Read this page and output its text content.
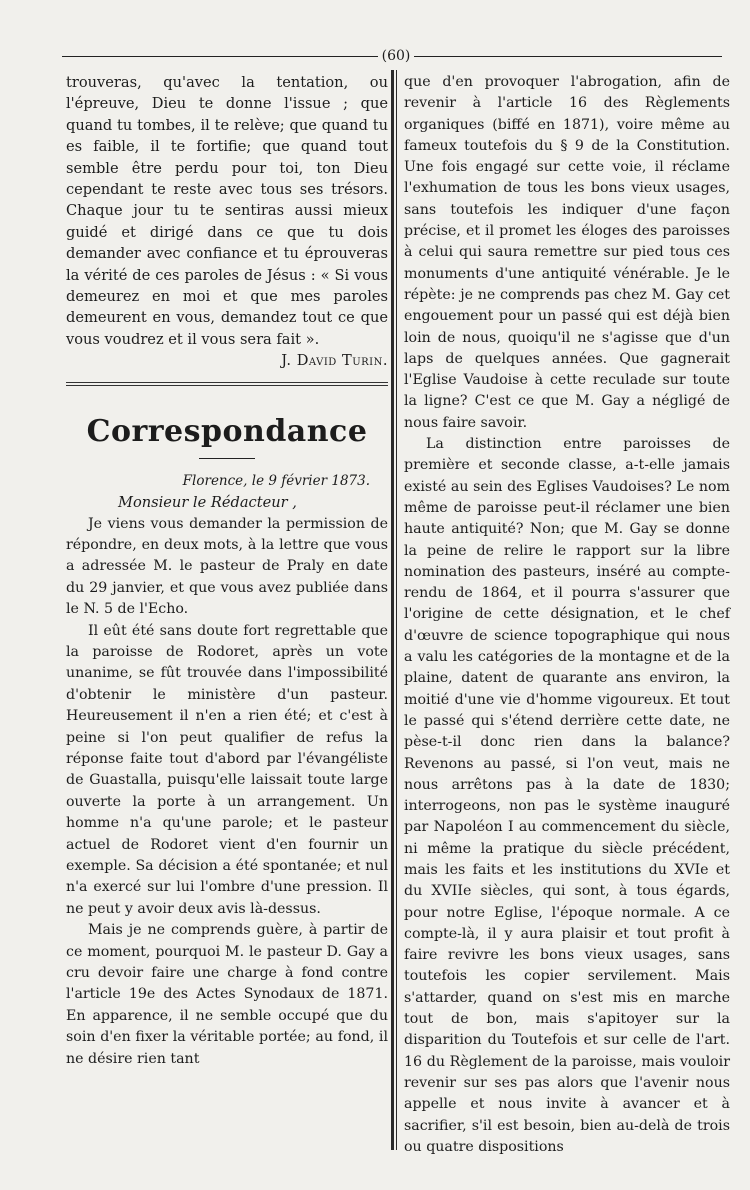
(60)

trouveras, qu'avec la tentation, ou l'épreuve, Dieu te donne l'issue ; que quand tu tombes, il te relève; que quand tu es faible, il te fortifie; que quand tout semble être perdu pour toi, ton Dieu cependant te reste avec tous ses trésors. Chaque jour tu te sentiras aussi mieux guidé et dirigé dans ce que tu dois demander avec confiance et tu éprouveras la vérité de ces paroles de Jésus : « Si vous demeurez en moi et que mes paroles demeurent en vous, demandez tout ce que vous voudrez et il vous sera fait ».

J. David Turin.

Correspondance

Florence, le 9 février 1873.

Monsieur le Rédacteur ,

Je viens vous demander la permission de répondre, en deux mots, à la lettre que vous a adressée M. le pasteur de Praly en date du 29 janvier, et que vous avez publiée dans le N. 5 de l'Echo.

Il eût été sans doute fort regrettable que la paroisse de Rodoret, après un vote unanime, se fût trouvée dans l'impossibilité d'obtenir le ministère d'un pasteur. Heureusement il n'en a rien été; et c'est à peine si l'on peut qualifier de refus la réponse faite tout d'abord par l'évangéliste de Guastalla, puisqu'elle laissait toute large ouverte la porte à un arrangement. Un homme n'a qu'une parole; et le pasteur actuel de Rodoret vient d'en fournir un exemple. Sa décision a été spontanée; et nul n'a exercé sur lui l'ombre d'une pression. Il ne peut y avoir deux avis là-dessus.

Mais je ne comprends guère, à partir de ce moment, pourquoi M. le pasteur D. Gay a cru devoir faire une charge à fond contre l'article 19e des Actes Synodaux de 1871. En apparence, il ne semble occupé que du soin d'en fixer la véritable portée; au fond, il ne désire rien tant

que d'en provoquer l'abrogation, afin de revenir à l'article 16 des Règlements organiques (biffé en 1871), voire même au fameux toutefois du § 9 de la Constitution. Une fois engagé sur cette voie, il réclame l'exhumation de tous les bons vieux usages, sans toutefois les indiquer d'une façon précise, et il promet les éloges des paroisses à celui qui saura remettre sur pied tous ces monuments d'une antiquité vénérable. Je le répète: je ne comprends pas chez M. Gay cet engouement pour un passé qui est déjà bien loin de nous, quoiqu'il ne s'agisse que d'un laps de quelques années. Que gagnerait l'Eglise Vaudoise à cette reculade sur toute la ligne? C'est ce que M. Gay a négligé de nous faire savoir.

La distinction entre paroisses de première et seconde classe, a-t-elle jamais existé au sein des Eglises Vaudoises? Le nom même de paroisse peut-il réclamer une bien haute antiquité? Non; que M. Gay se donne la peine de relire le rapport sur la libre nomination des pasteurs, inséré au compte-rendu de 1864, et il pourra s'assurer que l'origine de cette désignation, et le chef d'œuvre de science topographique qui nous a valu les catégories de la montagne et de la plaine, datent de quarante ans environ, la moitié d'une vie d'homme vigoureux. Et tout le passé qui s'étend derrière cette date, ne pèse-t-il donc rien dans la balance? Revenons au passé, si l'on veut, mais ne nous arrêtons pas à la date de 1830; interrogeons, non pas le système inauguré par Napoléon I au commencement du siècle, ni même la pratique du siècle précédent, mais les faits et les institutions du XVIe et du XVIIe siècles, qui sont, à tous égards, pour notre Eglise, l'époque normale. A ce compte-là, il y aura plaisir et tout profit à faire revivre les bons vieux usages, sans toutefois les copier servilement. Mais s'attarder, quand on s'est mis en marche tout de bon, mais s'apitoyer sur la disparition du Toutefois et sur celle de l'art. 16 du Règlement de la paroisse, mais vouloir revenir sur ses pas alors que l'avenir nous appelle et nous invite à avancer et à sacrifier, s'il est besoin, bien au-delà de trois ou quatre dispositions
